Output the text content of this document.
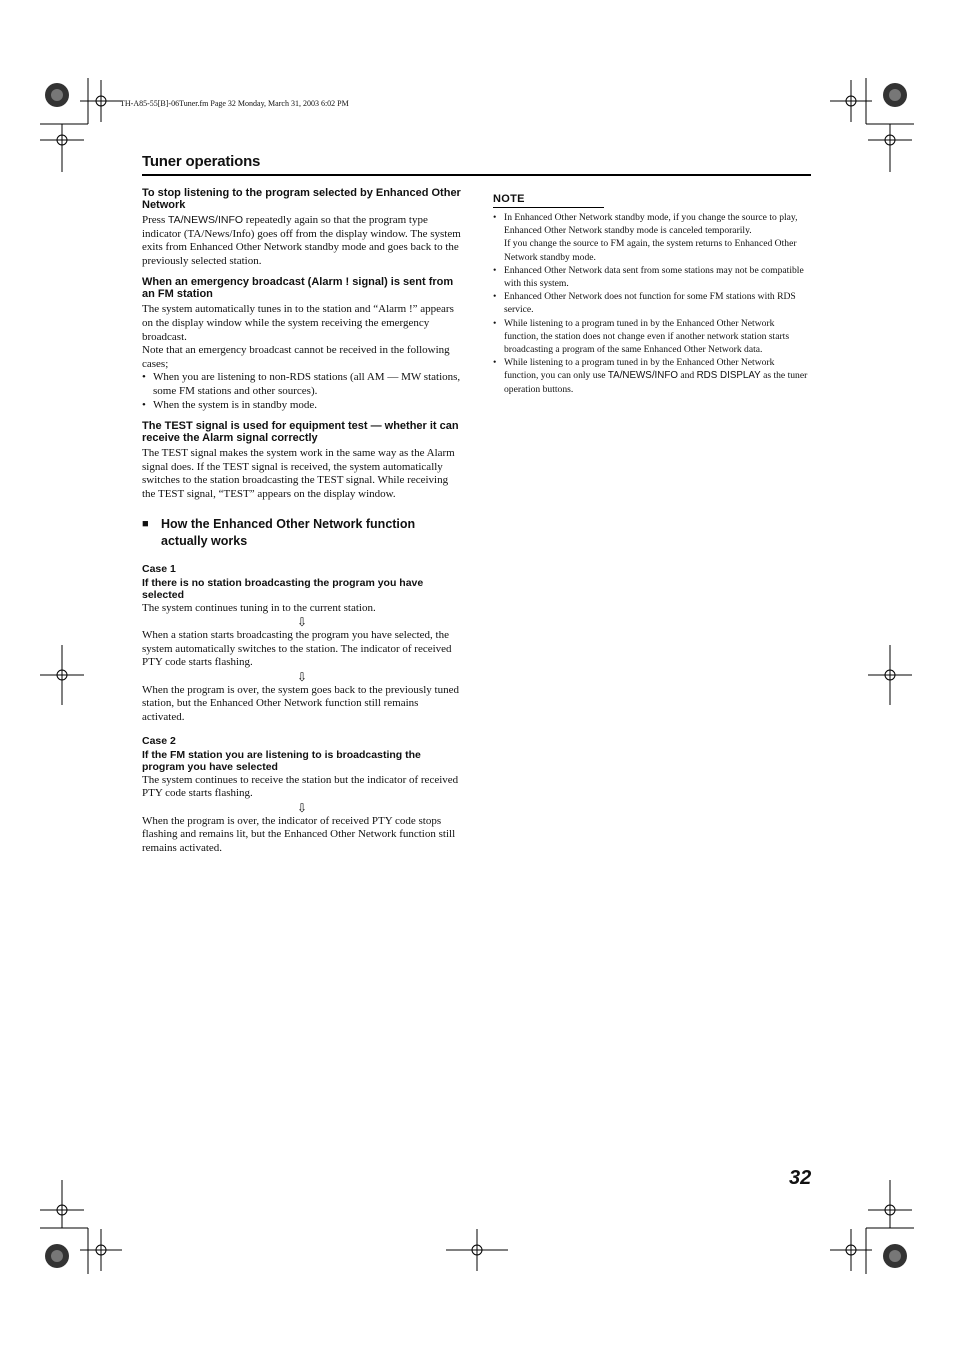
TH-A85-55[B]-06Tuner.fm Page 32 Monday, March 31, 2003 6:02 PM
Tuner operations
To stop listening to the program selected by Enhanced Other Network

Press TA/NEWS/INFO repeatedly again so that the program type indicator (TA/News/Info) goes off from the display window. The system exits from Enhanced Other Network standby mode and goes back to the previously selected station.

When an emergency broadcast (Alarm ! signal) is sent from an FM station

The system automatically tunes in to the station and “Alarm !” appears on the display window while the system receiving the emergency broadcast.

Note that an emergency broadcast cannot be received in the following cases;

• When you are listening to non-RDS stations (all AM — MW stations, some FM stations and other sources).
• When the system is in standby mode.
The TEST signal is used for equipment test — whether it can receive the Alarm signal correctly

The TEST signal makes the system work in the same way as the Alarm signal does. If the TEST signal is received, the system automatically switches to the station broadcasting the TEST signal. While receiving the TEST signal, “TEST” appears on the display window.

■ How the Enhanced Other Network function actually works
Case 1
If there is no station broadcasting the program you have selected

The system continues tuning in to the current station.

⇩

When a station starts broadcasting the program you have selected, the system automatically switches to the station. The indicator of received PTY code starts flashing.

⇩

When the program is over, the system goes back to the previously tuned station, but the Enhanced Other Network function still remains activated.

Case 2
If the FM station you are listening to is broadcasting the program you have selected

The system continues to receive the station but the indicator of received PTY code starts flashing.

⇩

When the program is over, the indicator of received PTY code stops flashing and remains lit, but the Enhanced Other Network function still remains activated.

NOTE
• In Enhanced Other Network standby mode, if you change the source to play, Enhanced Other Network standby mode is canceled temporarily.
If you change the source to FM again, the system returns to Enhanced Other Network standby mode.
• Enhanced Other Network data sent from some stations may not be compatible with this system.
• Enhanced Other Network does not function for some FM stations with RDS service.
• While listening to a program tuned in by the Enhanced Other Network function, the station does not change even if another network station starts broadcasting a program of the same Enhanced Other Network data.
• While listening to a program tuned in by the Enhanced Other Network function, you can only use TA/NEWS/INFO and RDS DISPLAY as the tuner operation buttons.
32
